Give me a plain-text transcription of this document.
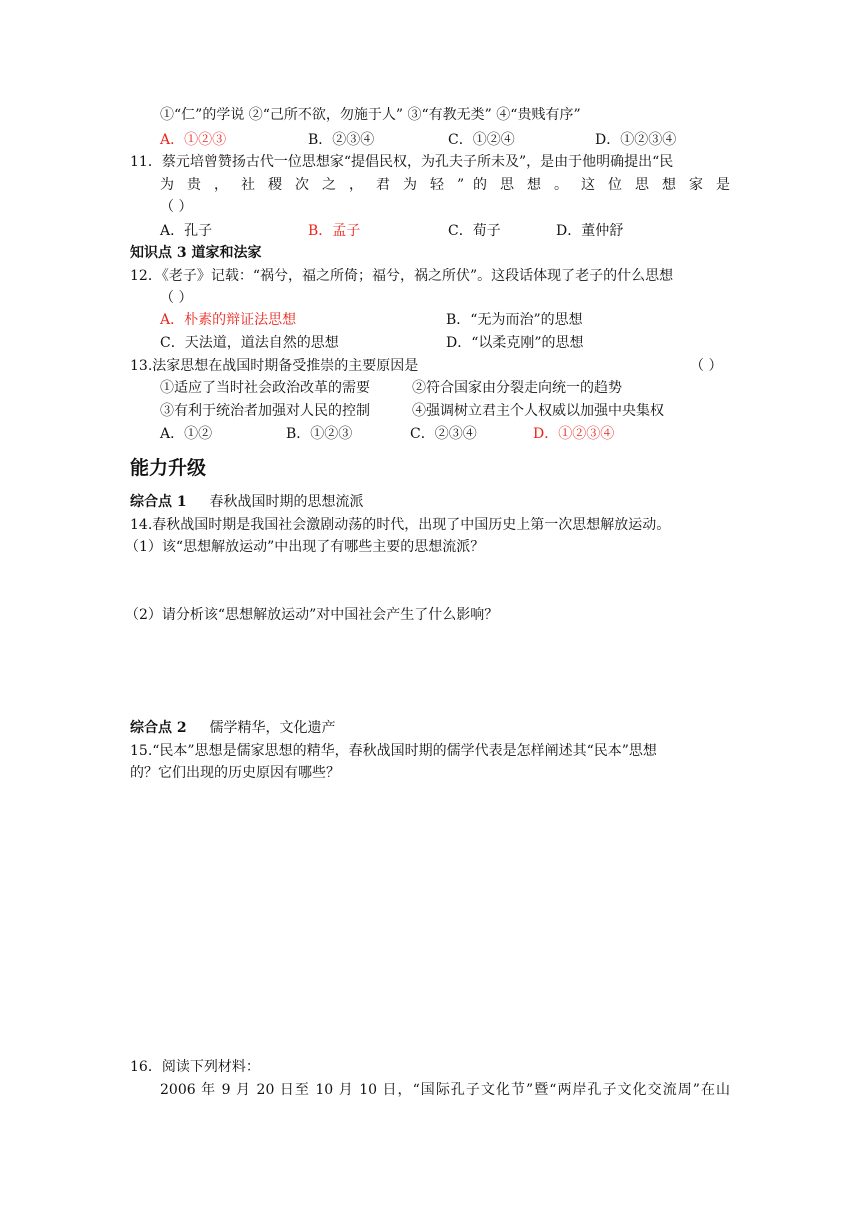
①“仁”的学说 ②“己所不欲，勿施于人” ③“有教无类” ④“贵贱有序”
A．①②③	B．②③④	C．①②④	D．①②③④
11．蔡元培曾赞扬古代一位思想家“提倡民权，为孔夫子所未及”，是由于他明确提出“民
为 贵 ， 社 稷 次 之 ， 君 为 轻 ” 的 思 想 。 这 位 思 想 家 是
（ ）
A．孔子	B．孟子	C．荀子	D．董仲舒
知识点 3 道家和法家
12．《老子》记载：“祸兮，福之所倚；福兮，祸之所伏”。这段话体现了老子的什么思想
（ ）
A．朴素的辩证法思想	B．“无为而治”的思想
C．天法道，道法自然的思想	D．“以柔克刚”的思想
13.法家思想在战国时期备受推崇的主要原因是	（ ）
①适应了当时社会政治改革的需要	②符合国家由分裂走向统一的趋势
③有利于统治者加强对人民的控制	④强调树立君主个人权威以加强中央集权
A．①②	B．①②③	C．②③④	D．①②③④
能力升级
综合点 1 春秋战国时期的思想流派
14.春秋战国时期是我国社会激剧动荡的时代，出现了中国历史上第一次思想解放运动。
（1）该“思想解放运动”中出现了有哪些主要的思想流派？
（2）请分析该“思想解放运动”对中国社会产生了什么影响？
综合点 2 儒学精华，文化遗产
15.“民本”思想是儒家思想的精华，春秋战国时期的儒学代表是怎样阐述其“民本”思想
的？它们出现的历史原因有哪些？
16．阅读下列材料：
2006 年 9 月 20 日至 10 月 10 日，“国际孔子文化节”暨“两岸孔子文化交流周”在山
